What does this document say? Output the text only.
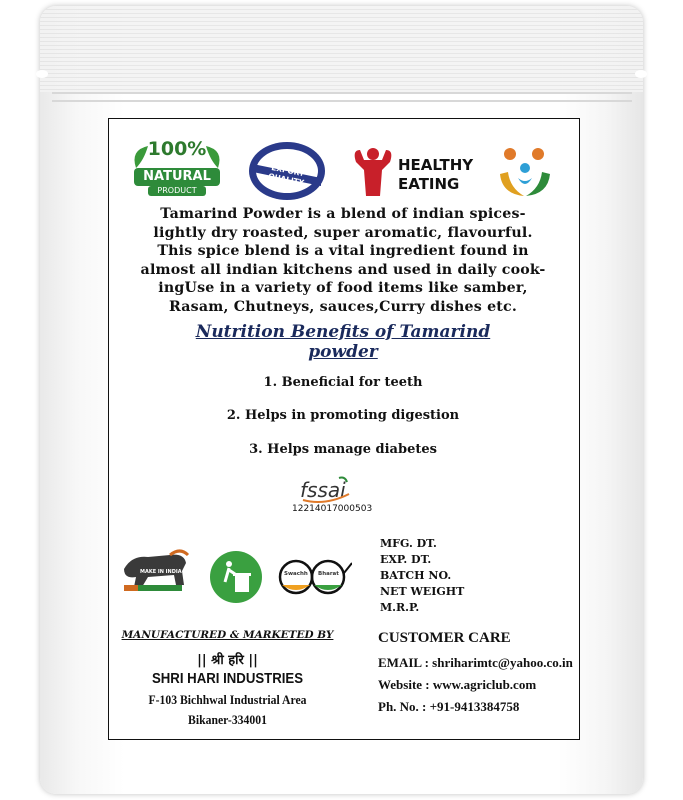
100%
NATURAL
PRODUCT
EXPORT QUALITY
HEALTHY
EATING
Tamarind Powder is a blend of indian spices-
lightly dry roasted, super aromatic, flavourful.
This spice blend is a vital ingredient found in
almost all indian kitchens and used in daily cook-
ingUse in a variety of food items like samber,
Rasam, Chutneys, sauces,Curry dishes etc.
Nutrition Benefits of Tamarind
powder
1. Beneficial for teeth
2. Helps in promoting digestion
3. Helps manage diabetes
fssai
12214017000503
MAKE IN INDIA	Swachh Bharat
MFG. DT.
EXP. DT.
BATCH NO.
NET WEIGHT
M.R.P.
MANUFACTURED & MARKETED BY
|| श्री हरि ||
SHRI HARI INDUSTRIES
F-103 Bichhwal Industrial Area
Bikaner-334001
CUSTOMER CARE
EMAIL : shriharimtc@yahoo.co.in
Website : www.agriclub.com
Ph. No. : +91-9413384758
